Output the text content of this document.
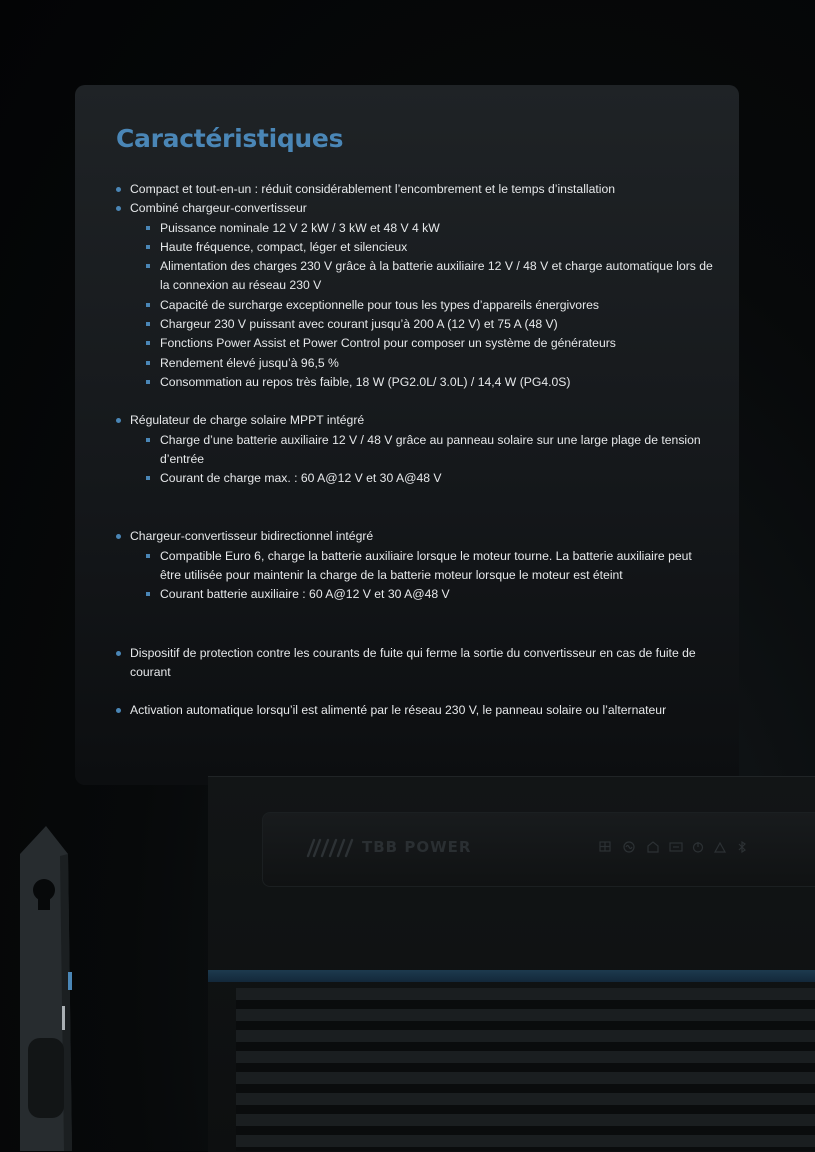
Caractéristiques
Compact et tout-en-un : réduit considérablement l’encombrement et le temps d’installation
Combiné chargeur-convertisseur
Puissance nominale 12 V 2 kW / 3 kW et 48 V 4 kW
Haute fréquence, compact, léger et silencieux
Alimentation des charges 230 V grâce à la batterie auxiliaire 12 V / 48 V et charge automatique lors de la connexion au réseau 230 V
Capacité de surcharge exceptionnelle pour tous les types d’appareils énergivores
Chargeur 230 V puissant avec courant jusqu’à 200 A (12 V) et 75 A (48 V)
Fonctions Power Assist et Power Control pour composer un système de générateurs
Rendement élevé jusqu’à 96,5 %
Consommation au repos très faible, 18 W (PG2.0L/ 3.0L) / 14,4 W (PG4.0S)
Régulateur de charge solaire MPPT intégré
Charge d’une batterie auxiliaire 12 V / 48 V grâce au panneau solaire sur une large plage de tension d’entrée
Courant de charge max. : 60 A@12 V et 30 A@48 V
Chargeur-convertisseur bidirectionnel intégré
Compatible Euro 6, charge la batterie auxiliaire lorsque le moteur tourne. La batterie auxiliaire peut être utilisée pour maintenir la charge de la batterie moteur lorsque le moteur est éteint
Courant batterie auxiliaire : 60 A@12 V et 30 A@48 V
Dispositif de protection contre les courants de fuite qui ferme la sortie du convertisseur en cas de fuite de courant
Activation automatique lorsqu’il est alimenté par le réseau 230 V, le panneau solaire ou l’alternateur
TBB POWER
